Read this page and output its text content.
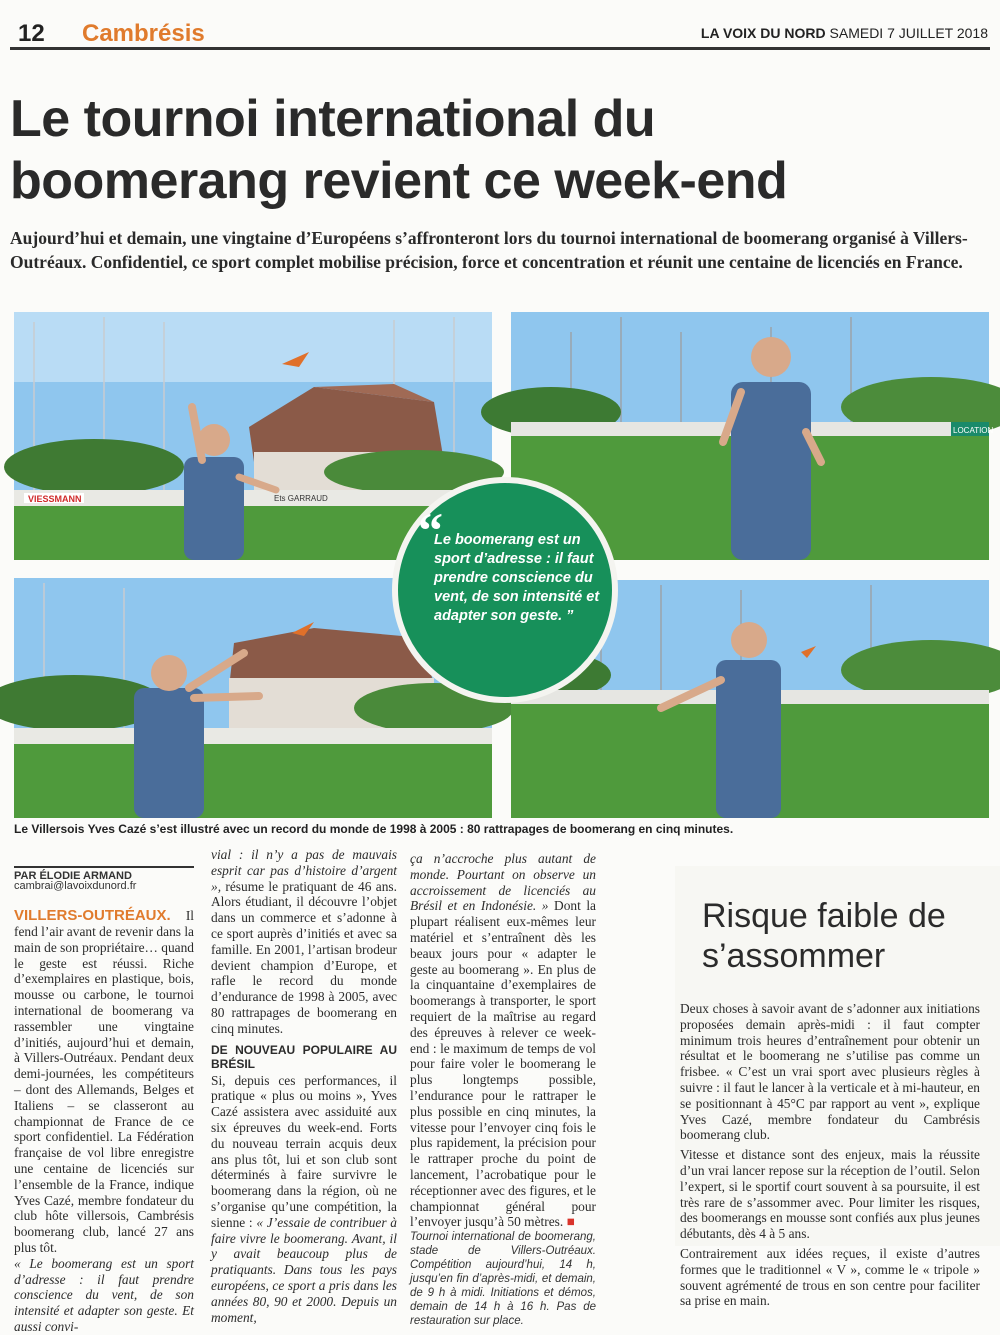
12 Cambrésis	LA VOIX DU NORD SAMEDI 7 JUILLET 2018
Le tournoi international du
boomerang revient ce week-end
Aujourd’hui et demain, une vingtaine d’Européens s’affronteront lors du tournoi international de boomerang organisé à Villers-Outréaux. Confidentiel, ce sport complet mobilise précision, force et concentration et réunit une centaine de licenciés en France.
VIESSMANN	Ets GARRAUD
LOCATION
“
Le boomerang est un sport d’adresse : il faut prendre conscience du vent, de son intensité et adapter son geste. ”
Le Villersois Yves Cazé s’est illustré avec un record du monde de 1998 à 2005 : 80 rattrapages de boomerang en cinq minutes.
PAR ÉLODIE ARMAND
cambrai@lavoixdunord.fr

VILLERS-OUTRÉAUX. Il fend l’air avant de revenir dans la main de son propriétaire… quand le geste est réussi. Riche d’exemplaires en plastique, bois, mousse ou carbone, le tournoi international de boomerang va rassembler une vingtaine d’initiés, aujourd’hui et demain, à Villers-Outréaux. Pendant deux demi-journées, les compétiteurs – dont des Allemands, Belges et Italiens – se classeront au championnat de France de ce sport confidentiel. La Fédération française de vol libre enregistre une centaine de licenciés sur l’ensemble de la France, indique Yves Cazé, membre fondateur du club hôte villersois, Cambrésis boomerang club, lancé 27 ans plus tôt.

« Le boomerang est un sport d’adresse : il faut prendre conscience du vent, de son intensité et adapter son geste. Et aussi convi-

vial : il n’y a pas de mauvais esprit car pas d’histoire d’argent », résume le pratiquant de 46 ans. Alors étudiant, il découvre l’objet dans un commerce et s’adonne à ce sport auprès d’initiés et avec sa famille. En 2001, l’artisan brodeur devient champion d’Europe, et rafle le record du monde d’endurance de 1998 à 2005, avec 80 rattrapages de boomerang en cinq minutes.

DE NOUVEAU POPULAIRE AU BRÉSIL

Si, depuis ces performances, il pratique « plus ou moins », Yves Cazé assistera avec assiduité aux six épreuves du week-end. Forts du nouveau terrain acquis deux ans plus tôt, lui et son club sont déterminés à faire survivre le boomerang dans la région, où ne s’organise qu’une compétition, la sienne : « J’essaie de contribuer à faire vivre le boomerang. Avant, il y avait beaucoup plus de pratiquants. Dans tous les pays européens, ce sport a pris dans les années 80, 90 et 2000. Depuis un moment,

ça n’accroche plus autant de monde. Pourtant on observe un accroissement de licenciés au Brésil et en Indonésie. » Dont la plupart réalisent eux-mêmes leur matériel et s’entraînent dès les beaux jours pour « adapter le geste au boomerang ». En plus de la cinquantaine d’exemplaires de boomerangs à transporter, le sport requiert de la maîtrise au regard des épreuves à relever ce week-end : le maximum de temps de vol pour faire voler le boomerang le plus longtemps possible, l’endurance pour le rattraper le plus possible en cinq minutes, la vitesse pour l’envoyer cinq fois le plus rapidement, la précision pour le rattraper proche du point de lancement, l’acrobatique pour le réceptionner avec des figures, et le championnat général pour l’envoyer jusqu’à 50 mètres. ■

Tournoi international de boomerang, stade de Villers-Outréaux. Compétition aujourd’hui, 14 h, jusqu’en fin d’après-midi, et demain, de 9 h à midi. Initiations et démos, demain de 14 h à 16 h. Pas de restauration sur place.

Risque faible de s’assommer

Deux choses à savoir avant de s’adonner aux initiations proposées demain après-midi : il faut compter minimum trois heures d’entraînement pour obtenir un résultat et le boomerang ne s’utilise pas comme un frisbee. « C’est un vrai sport avec plusieurs règles à suivre : il faut le lancer à la verticale et à mi-hauteur, en se positionnant à 45°C par rapport au vent », explique Yves Cazé, membre fondateur du Cambrésis boomerang club.

Vitesse et distance sont des enjeux, mais la réussite d’un vrai lancer repose sur la réception de l’outil. Selon l’expert, si le sportif court souvent à sa poursuite, il est très rare de s’assommer avec. Pour limiter les risques, des boomerangs en mousse sont confiés aux plus jeunes débutants, dès 4 à 5 ans.

Contrairement aux idées reçues, il existe d’autres formes que le traditionnel « V », comme le « tripole » souvent agrémenté de trous en son centre pour faciliter sa prise en main.
